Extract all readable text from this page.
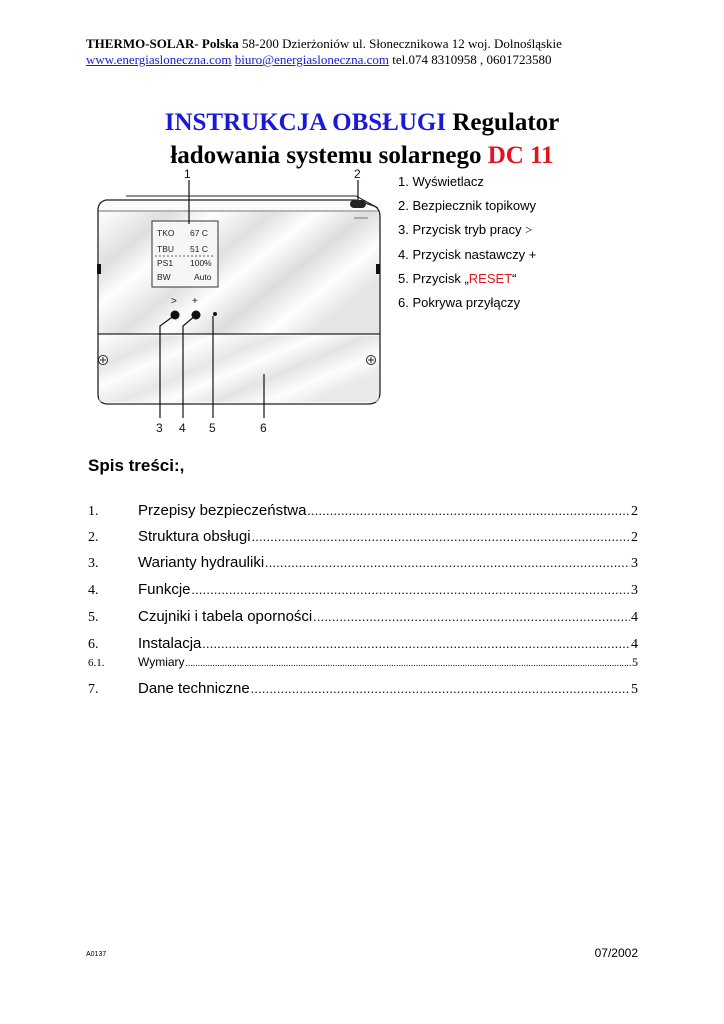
THERMO-SOLAR- Polska 58-200 Dzierżoniów ul. Słonecznikowa 12 woj. Dolnośląskie
www.energiasloneczna.com biuro@energiasloneczna.com tel.074 8310958 , 0601723580
INSTRUKCJA OBSŁUGI Regulator
ładowania systemu solarnego DC 11
TKO 67 C
TBU 51 C
PS1 100%
BW	Auto
> +
1	2
3 4 5	6
1. Wyświetlacz
2. Bezpiecznik topikowy
3. Przycisk tryb pracy >
4. Przycisk nastawczy +
5. Przycisk „RESET“
6. Pokrywa przyłączy
Spis treści:,
1.	Przepisy bezpieczeństwa .....	2
2.	Struktura obsługi .....	2
3.	Warianty hydrauliki .....	3
4.	Funkcje .....	3
5.	Czujniki i tabela oporności .....	4
6.	Instalacja .....	4
6.1.	Wymiary .....	5
7.	Dane techniczne .....	5
A0137	07/2002
